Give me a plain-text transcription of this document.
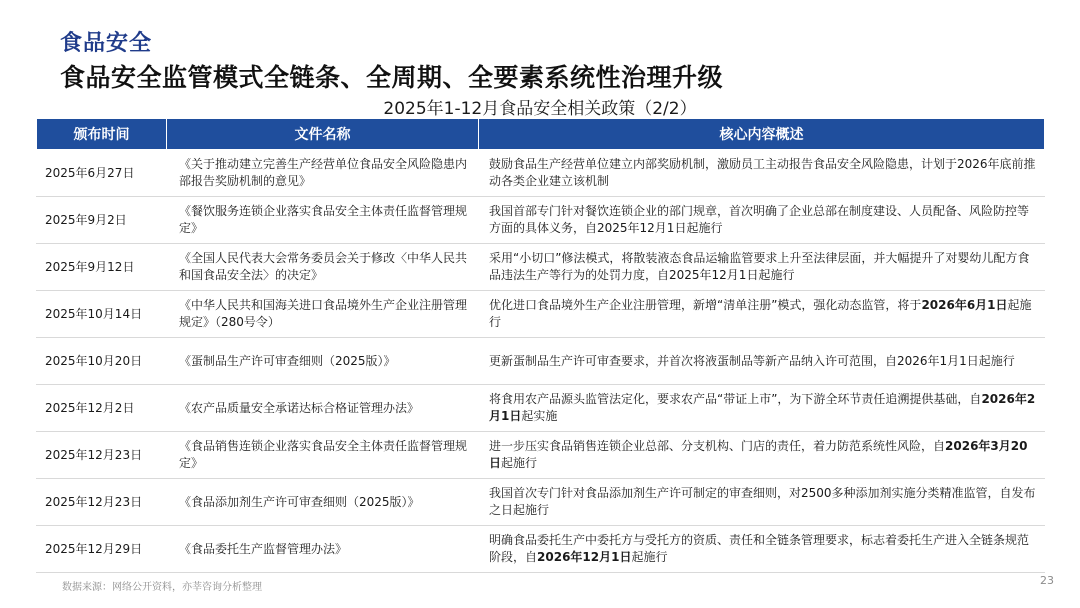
食品安全
食品安全监管模式全链条、全周期、全要素系统性治理升级
2025年1-12月食品安全相关政策（2/2）
颁布时间	文件名称	核心内容概述
2025年6月27日	《关于推动建立完善生产经营单位食品安全风险隐患内部报告奖励机制的意见》	鼓励食品生产经营单位建立内部奖励机制，激励员工主动报告食品安全风险隐患，计划于2026年底前推动各类企业建立该机制
2025年9月2日	《餐饮服务连锁企业落实食品安全主体责任监督管理规定》	我国首部专门针对餐饮连锁企业的部门规章，首次明确了企业总部在制度建设、人员配备、风险防控等方面的具体义务，自2025年12月1日起施行
2025年9月12日	《全国人民代表大会常务委员会关于修改〈中华人民共和国食品安全法〉的决定》	采用“小切口”修法模式，将散装液态食品运输监管要求上升至法律层面，并大幅提升了对婴幼儿配方食品违法生产等行为的处罚力度，自2025年12月1日起施行
2025年10月14日	《中华人民共和国海关进口食品境外生产企业注册管理规定》（280号令）	优化进口食品境外生产企业注册管理，新增“清单注册”模式，强化动态监管，将于2026年6月1日起施行
2025年10月20日	《蛋制品生产许可审查细则（2025版）》	更新蛋制品生产许可审查要求，并首次将液蛋制品等新产品纳入许可范围，自2026年1月1日起施行
2025年12月2日	《农产品质量安全承诺达标合格证管理办法》	将食用农产品源头监管法定化，要求农产品“带证上市”，为下游全环节责任追溯提供基础，自2026年2月1日起实施
2025年12月23日	《食品销售连锁企业落实食品安全主体责任监督管理规定》	进一步压实食品销售连锁企业总部、分支机构、门店的责任，着力防范系统性风险，自2026年3月20日起施行
2025年12月23日	《食品添加剂生产许可审查细则（2025版）》	我国首次专门针对食品添加剂生产许可制定的审查细则，对2500多种添加剂实施分类精准监管，自发布之日起施行
2025年12月29日	《食品委托生产监督管理办法》	明确食品委托生产中委托方与受托方的资质、责任和全链条管理要求，标志着委托生产进入全链条规范阶段，自2026年12月1日起施行
数据来源：网络公开资料，亦莘咨询分析整理
23
